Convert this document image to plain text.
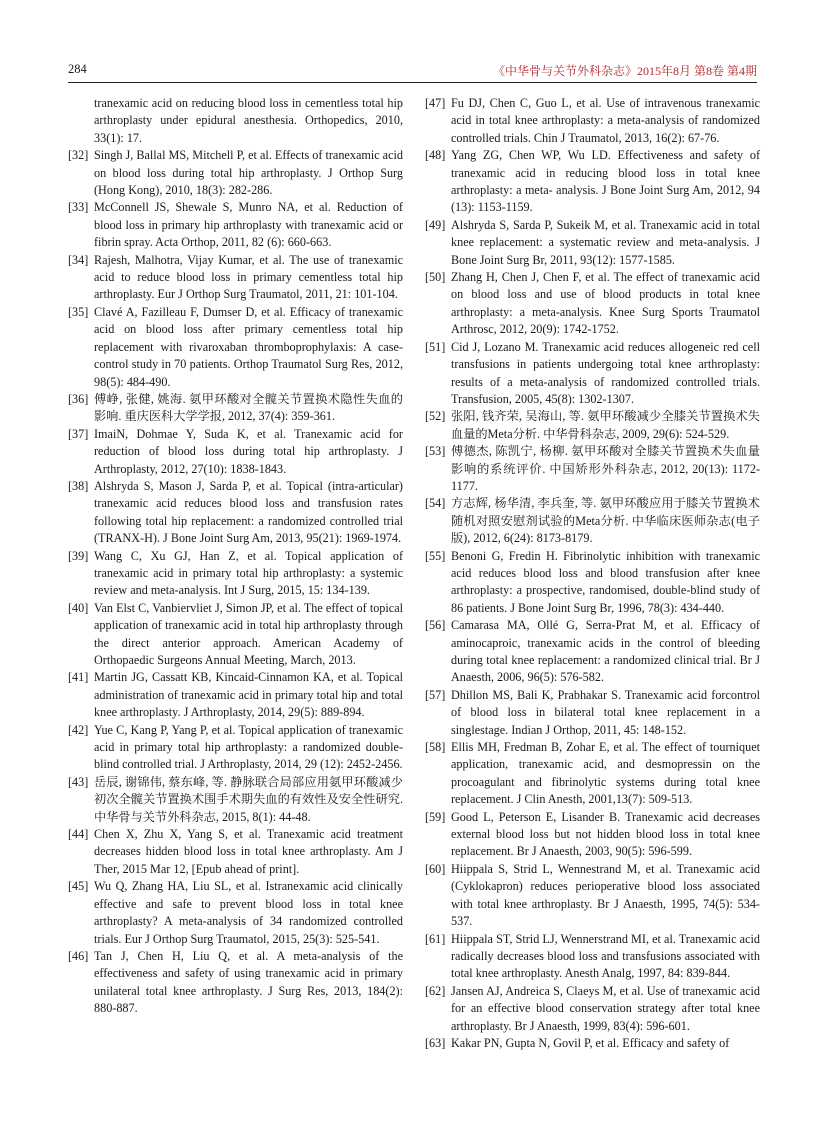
284	《中华骨与关节外科杂志》2015年8月 第8卷 第4期

tranexamic acid on reducing blood loss in cementless total hip arthroplasty under epidural anesthesia. Orthopedics, 2010, 33(1): 17.

[32] Singh J, Ballal MS, Mitchell P, et al. Effects of tranexamic acid on blood loss during total hip arthroplasty. J Orthop Surg (Hong Kong), 2010, 18(3): 282-286.

[33] McConnell JS, Shewale S, Munro NA, et al. Reduction of blood loss in primary hip arthroplasty with tranexamic acid or fibrin spray. Acta Orthop, 2011, 82 (6): 660-663.

[34] Rajesh, Malhotra, Vijay Kumar, et al. The use of tranexamic acid to reduce blood loss in primary cementless total hip arthroplasty. Eur J Orthop Surg Traumatol, 2011, 21: 101-104.

[35] Clavé A, Fazilleau F, Dumser D, et al. Efficacy of tranexamic acid on blood loss after primary cementless total hip replacement with rivaroxaban thromboprophylaxis: A case-control study in 70 patients. Orthop Traumatol Surg Res, 2012, 98(5): 484-490.

[36] 傅峥, 张健, 姚海. 氨甲环酸对全髋关节置换术隐性失血的影响. 重庆医科大学学报, 2012, 37(4): 359-361.

[37] ImaiN, Dohmae Y, Suda K, et al. Tranexamic acid for reduction of blood loss during total hip arthroplasty. J Arthroplasty, 2012, 27(10): 1838-1843.

[38] Alshryda S, Mason J, Sarda P, et al. Topical (intra-articular) tranexamic acid reduces blood loss and transfusion rates following total hip replacement: a randomized controlled trial (TRANX-H). J Bone Joint Surg Am, 2013, 95(21): 1969-1974.

[39] Wang C, Xu GJ, Han Z, et al. Topical application of tranexamic acid in primary total hip arthroplasty: a systemic review and meta-analysis. Int J Surg, 2015, 15: 134-139.

[40] Van Elst C, Vanbiervliet J, Simon JP, et al. The effect of topical application of tranexamic acid in total hip arthroplasty through the direct anterior approach. American Academy of Orthopaedic Surgeons Annual Meeting, March, 2013.

[41] Martin JG, Cassatt KB, Kincaid-Cinnamon KA, et al. Topical administration of tranexamic acid in primary total hip and total knee arthroplasty. J Arthroplasty, 2014, 29(5): 889-894.

[42] Yue C, Kang P, Yang P, et al. Topical application of tranexamic acid in primary total hip arthroplasty: a randomized double-blind controlled trial. J Arthroplasty, 2014, 29 (12): 2452-2456.

[43] 岳辰, 谢锦伟, 蔡东峰, 等. 静脉联合局部应用氨甲环酸减少初次全髋关节置换术围手术期失血的有效性及安全性研究. 中华骨与关节外科杂志, 2015, 8(1): 44-48.

[44] Chen X, Zhu X, Yang S, et al. Tranexamic acid treatment decreases hidden blood loss in total knee arthroplasty. Am J Ther, 2015 Mar 12, [Epub ahead of print].

[45] Wu Q, Zhang HA, Liu SL, et al. Istranexamic acid clinically effective and safe to prevent blood loss in total knee arthroplasty? A meta-analysis of 34 randomized controlled trials. Eur J Orthop Surg Traumatol, 2015, 25(3): 525-541.

[46] Tan J, Chen H, Liu Q, et al. A meta-analysis of the effectiveness and safety of using tranexamic acid in primary unilateral total knee arthroplasty. J Surg Res, 2013, 184(2): 880-887.

[47] Fu DJ, Chen C, Guo L, et al. Use of intravenous tranexamic acid in total knee arthroplasty: a meta-analysis of randomized controlled trials. Chin J Traumatol, 2013, 16(2): 67-76.

[48] Yang ZG, Chen WP, Wu LD. Effectiveness and safety of tranexamic acid in reducing blood loss in total knee arthroplasty: a meta- analysis. J Bone Joint Surg Am, 2012, 94 (13): 1153-1159.

[49] Alshryda S, Sarda P, Sukeik M, et al. Tranexamic acid in total knee replacement: a systematic review and meta-analysis. J Bone Joint Surg Br, 2011, 93(12): 1577-1585.

[50] Zhang H, Chen J, Chen F, et al. The effect of tranexamic acid on blood loss and use of blood products in total knee arthroplasty: a meta-analysis. Knee Surg Sports Traumatol Arthrosc, 2012, 20(9): 1742-1752.

[51] Cid J, Lozano M. Tranexamic acid reduces allogeneic red cell transfusions in patients undergoing total knee arthroplasty: results of a meta-analysis of randomized controlled trials. Transfusion, 2005, 45(8): 1302-1307.

[52] 张阳, 钱齐荣, 吴海山, 等. 氨甲环酸减少全膝关节置换术失血量的Meta分析. 中华骨科杂志, 2009, 29(6): 524-529.

[53] 傅德杰, 陈凯宁, 杨柳. 氨甲环酸对全膝关节置换术失血量影响的系统评价. 中国矫形外科杂志, 2012, 20(13): 1172-1177.

[54] 方志辉, 杨华清, 李兵奎, 等. 氨甲环酸应用于膝关节置换术随机对照安慰剂试验的Meta分析. 中华临床医师杂志(电子版), 2012, 6(24): 8173-8179.

[55] Benoni G, Fredin H. Fibrinolytic inhibition with tranexamic acid reduces blood loss and blood transfusion after knee arthroplasty: a prospective, randomised, double-blind study of 86 patients. J Bone Joint Surg Br, 1996, 78(3): 434-440.

[56] Camarasa MA, Ollé G, Serra-Prat M, et al. Efficacy of aminocaproic, tranexamic acids in the control of bleeding during total knee replacement: a randomized clinical trial. Br J Anaesth, 2006, 96(5): 576-582.

[57] Dhillon MS, Bali K, Prabhakar S. Tranexamic acid forcontrol of blood loss in bilateral total knee replacement in a singlestage. Indian J Orthop, 2011, 45: 148-152.

[58] Ellis MH, Fredman B, Zohar E, et al. The effect of tourniquet application, tranexamic acid, and desmopressin on the procoagulant and fibrinolytic systems during total knee replacement. J Clin Anesth, 2001,13(7): 509-513.

[59] Good L, Peterson E, Lisander B. Tranexamic acid decreases external blood loss but not hidden blood loss in total knee replacement. Br J Anaesth, 2003, 90(5): 596-599.

[60] Hiippala S, Strid L, Wennestrand M, et al. Tranexamic acid (Cyklokapron) reduces perioperative blood loss associated with total knee arthroplasty. Br J Anaesth, 1995, 74(5): 534-537.

[61] Hiippala ST, Strid LJ, Wennerstrand MI, et al. Tranexamic acid radically decreases blood loss and transfusions associated with total knee arthroplasty. Anesth Analg, 1997, 84: 839-844.

[62] Jansen AJ, Andreica S, Claeys M, et al. Use of tranexamic acid for an effective blood conservation strategy after total knee arthroplasty. Br J Anaesth, 1999, 83(4): 596-601.

[63] Kakar PN, Gupta N, Govil P, et al. Efficacy and safety of
